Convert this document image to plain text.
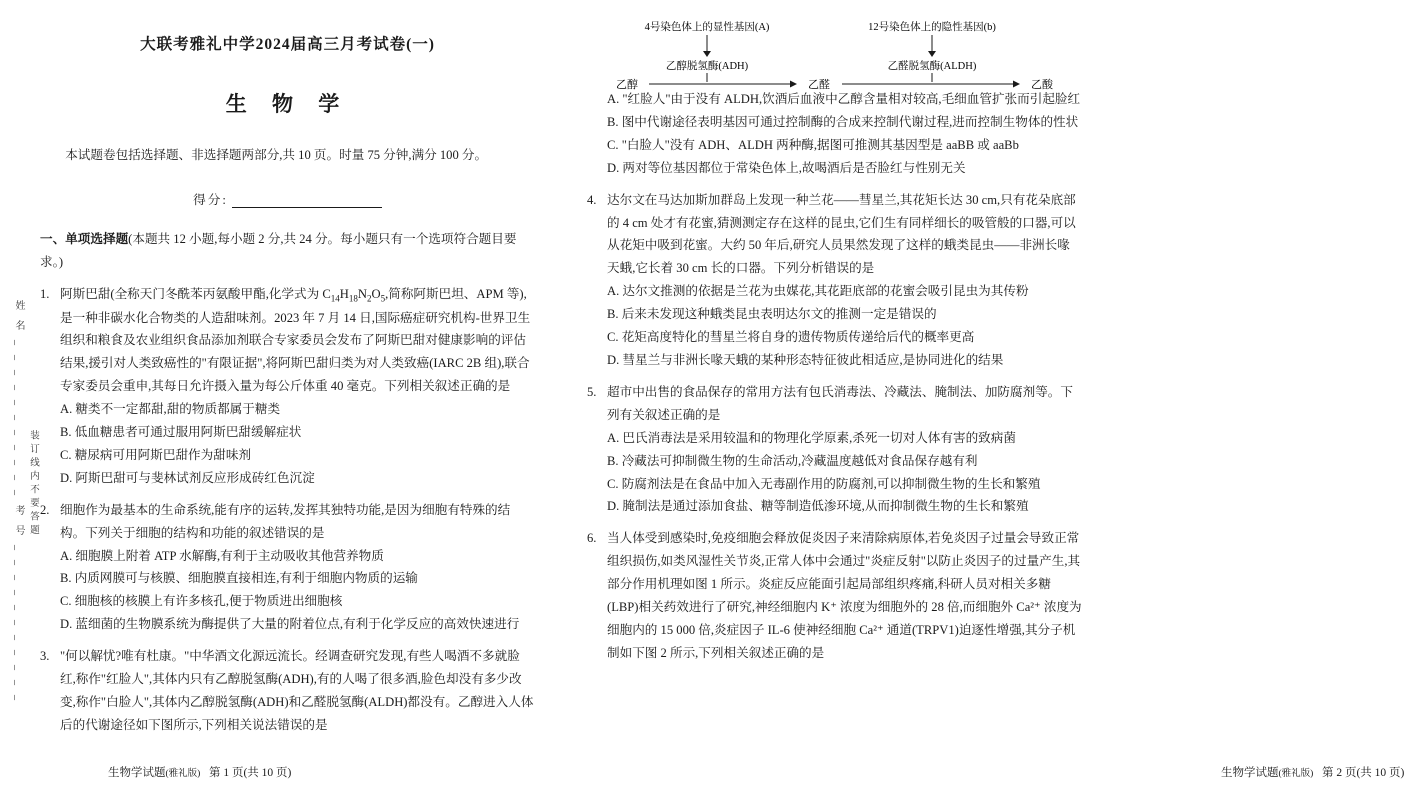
大联考雅礼中学2024届高三月考试卷(一)
生 物 学
本试题卷包括选择题、非选择题两部分,共 10 页。时量 75 分钟,满分 100 分。
得分:
一、单项选择题(本题共 12 小题,每小题 2 分,共 24 分。每小题只有一个选项符合题目要求。)
1. 阿斯巴甜(全称天门冬酰苯丙氨酸甲酯,化学式为 $C_{14}H_{18}N_2O_5$,简称阿斯巴坦、APM 等),是一种非碳水化合物类的人造甜味剂。2023 年 7 月 14 日,国际癌症研究机构-世界卫生组织和粮食及农业组织食品添加剂联合专家委员会发布了阿斯巴甜对健康影响的评估结果,援引对人类致癌性的"有限证据",将阿斯巴甜归类为对人类致癌(IARC 2B 组),联合专家委员会重申,其每日允许摄入量为每公斤体重 40 毫克。下列相关叙述正确的是
A. 糖类不一定都甜,甜的物质都属于糖类
B. 低血糖患者可通过服用阿斯巴甜缓解症状
C. 糖尿病可用阿斯巴甜作为甜味剂
D. 阿斯巴甜可与斐林试剂反应形成砖红色沉淀
2. 细胞作为最基本的生命系统,能有序的运转,发挥其独特功能,是因为细胞有特殊的结构。下列关于细胞的结构和功能的叙述错误的是
A. 细胞膜上附着 ATP 水解酶,有利于主动吸收其他营养物质
B. 内质网膜可与核膜、细胞膜直接相连,有利于细胞内物质的运输
C. 细胞核的核膜上有许多核孔,便于物质进出细胞核
D. 蓝细菌的生物膜系统为酶提供了大量的附着位点,有利于化学反应的高效快速进行
3. "何以解忧?唯有杜康。"中华酒文化源远流长。经调查研究发现,有些人喝酒不多就脸红,称作"红脸人",其体内只有乙醇脱氢酶(ADH),有的人喝了很多酒,脸色却没有多少改变,称作"白脸人",其体内乙醇脱氢酶(ADH)和乙醛脱氢酶(ALDH)都没有。乙醇进入人体后的代谢途径如下图所示,下列相关说法错误的是
生物学试题(雅礼版) 第 1 页(共 10 页)
姓名___________考号___________ 装订线内不要答题
4号染色体上的显性基因(A)	12号染色体上的隐性基因(b)
乙醇脱氢酶(ADH)	乙醛脱氢酶(ALDH)
乙醇	乙醛	乙酸
A. "红脸人"由于没有 ALDH,饮酒后血液中乙醇含量相对较高,毛细血管扩张而引起脸红
B. 图中代谢途径表明基因可通过控制酶的合成来控制代谢过程,进而控制生物体的性状
C. "白脸人"没有 ADH、ALDH 两种酶,据图可推测其基因型是 aaBB 或 aaBb
D. 两对等位基因都位于常染色体上,故喝酒后是否脸红与性别无关
4. 达尔文在马达加斯加群岛上发现一种兰花——彗星兰,其花矩长达 30 cm,只有花朵底部的 4 cm 处才有花蜜,猜测测定存在这样的昆虫,它们生有同样细长的吸管般的口器,可以从花矩中吸到花蜜。大约 50 年后,研究人员果然发现了这样的蛾类昆虫——非洲长喙天蛾,它长着 30 cm 长的口器。下列分析错误的是
A. 达尔文推测的依据是兰花为虫媒花,其花距底部的花蜜会吸引昆虫为其传粉
B. 后来未发现这种蛾类昆虫表明达尔文的推测一定是错误的
C. 花矩高度特化的彗星兰将自身的遗传物质传递给后代的概率更高
D. 彗星兰与非洲长喙天蛾的某种形态特征彼此相适应,是协同进化的结果
5. 超市中出售的食品保存的常用方法有包氏消毒法、冷藏法、腌制法、加防腐剂等。下列有关叙述正确的是
A. 巴氏消毒法是采用较温和的物理化学原素,杀死一切对人体有害的致病菌
B. 冷藏法可抑制微生物的生命活动,冷藏温度越低对食品保存越有利
C. 防腐剂法是在食品中加入无毒副作用的防腐剂,可以抑制微生物的生长和繁殖
D. 腌制法是通过添加食盐、糖等制造低渗环境,从而抑制微生物的生长和繁殖
6. 当人体受到感染时,免疫细胞会释放促炎因子来清除病原体,若免炎因子过量会导致正常组织损伤,如类风湿性关节炎,正常人体中会通过"炎症反射"以防止炎因子的过量产生,其部分作用机理如图 1 所示。炎症反应能面引起局部组织疼痛,科研人员对相关多糖(LBP)相关药效进行了研究,神经细胞内 K⁺ 浓度为细胞外的 28 倍,而细胞外 Ca²⁺ 浓度为细胞内的 15 000 倍,炎症因子 IL-6 使神经细胞 Ca²⁺ 通道(TRPV1)迫逐性增强,其分子机制如下图 2 所示,下列相关叙述正确的是
生物学试题(雅礼版) 第 2 页(共 10 页)
